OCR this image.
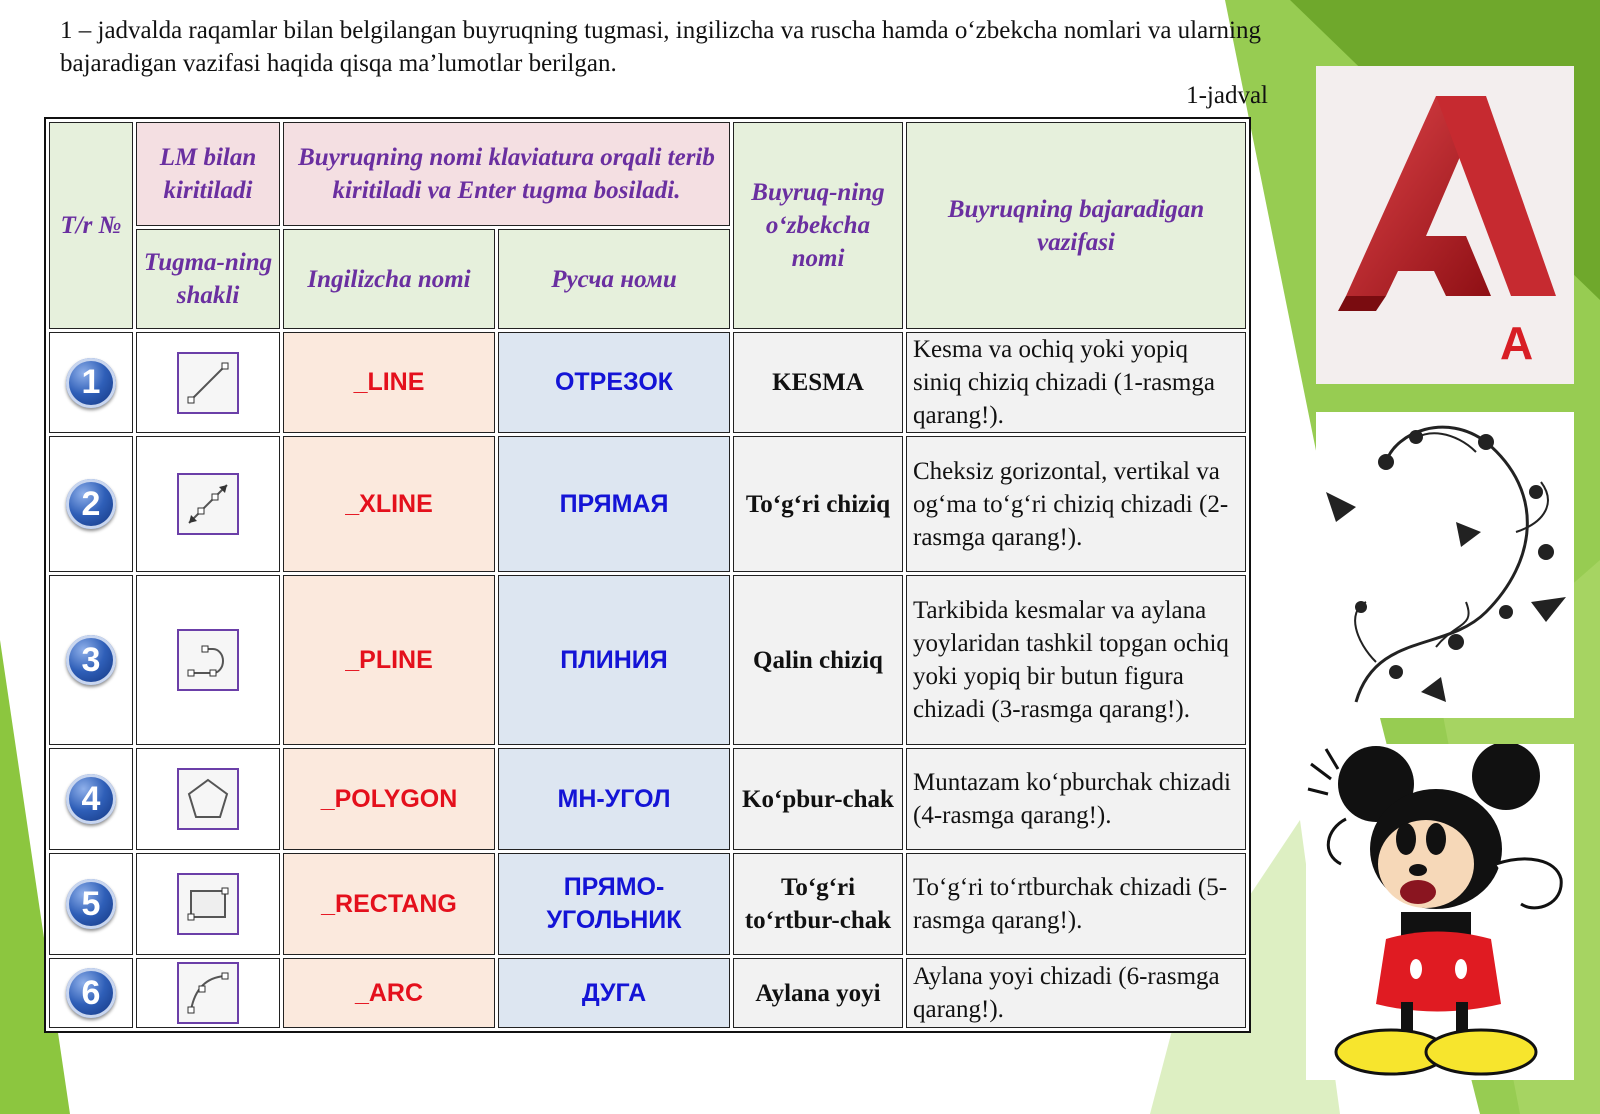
1 – jadvalda raqamlar bilan belgilangan buyruqning tugmasi, ingilizcha va ruscha hamda o‘zbekcha nomlari va ularning bajaradigan vazifasi haqida qisqa ma’lumotlar berilgan.
1-jadval
T/r №	LM bilan kiritiladi	Buyruqning nomi klaviatura orqali terib kiritiladi va Enter tugma bosiladi.		Buyruq-ning o‘zbekcha nomi	Buyruqning bajaradigan vazifasi
	Tugma-ning shakli	Ingilizcha nomi	Русча номи		
1		_LINE	ОТРЕЗОК	KESMA	Kesma va ochiq yoki yopiq siniq chiziq chizadi (1-rasmga qarang!).
2		_XLINE	ПРЯМАЯ	To‘g‘ri chiziq	Cheksiz gorizontal, vertikal va og‘ma to‘g‘ri chiziq chizadi (2-rasmga qarang!).
3		_PLINE	ПЛИНИЯ	Qalin chiziq	Tarkibida kesmalar va aylana yoylaridan tashkil topgan ochiq yoki yopiq bir butun figura chizadi (3-rasmga qarang!).
4		_POLYGON	МН-УГОЛ	Ko‘pbur-chak	Muntazam ko‘pburchak chizadi (4-rasmga qarang!).
5		_RECTANG	ПРЯМО-УГОЛЬНИК	To‘g‘ri to‘rtbur-chak	To‘g‘ri to‘rtburchak chizadi (5-rasmga qarang!).
6		_ARC	ДУГА	Aylana yoyi	Aylana yoyi chizadi (6-rasmga qarang!).
A
